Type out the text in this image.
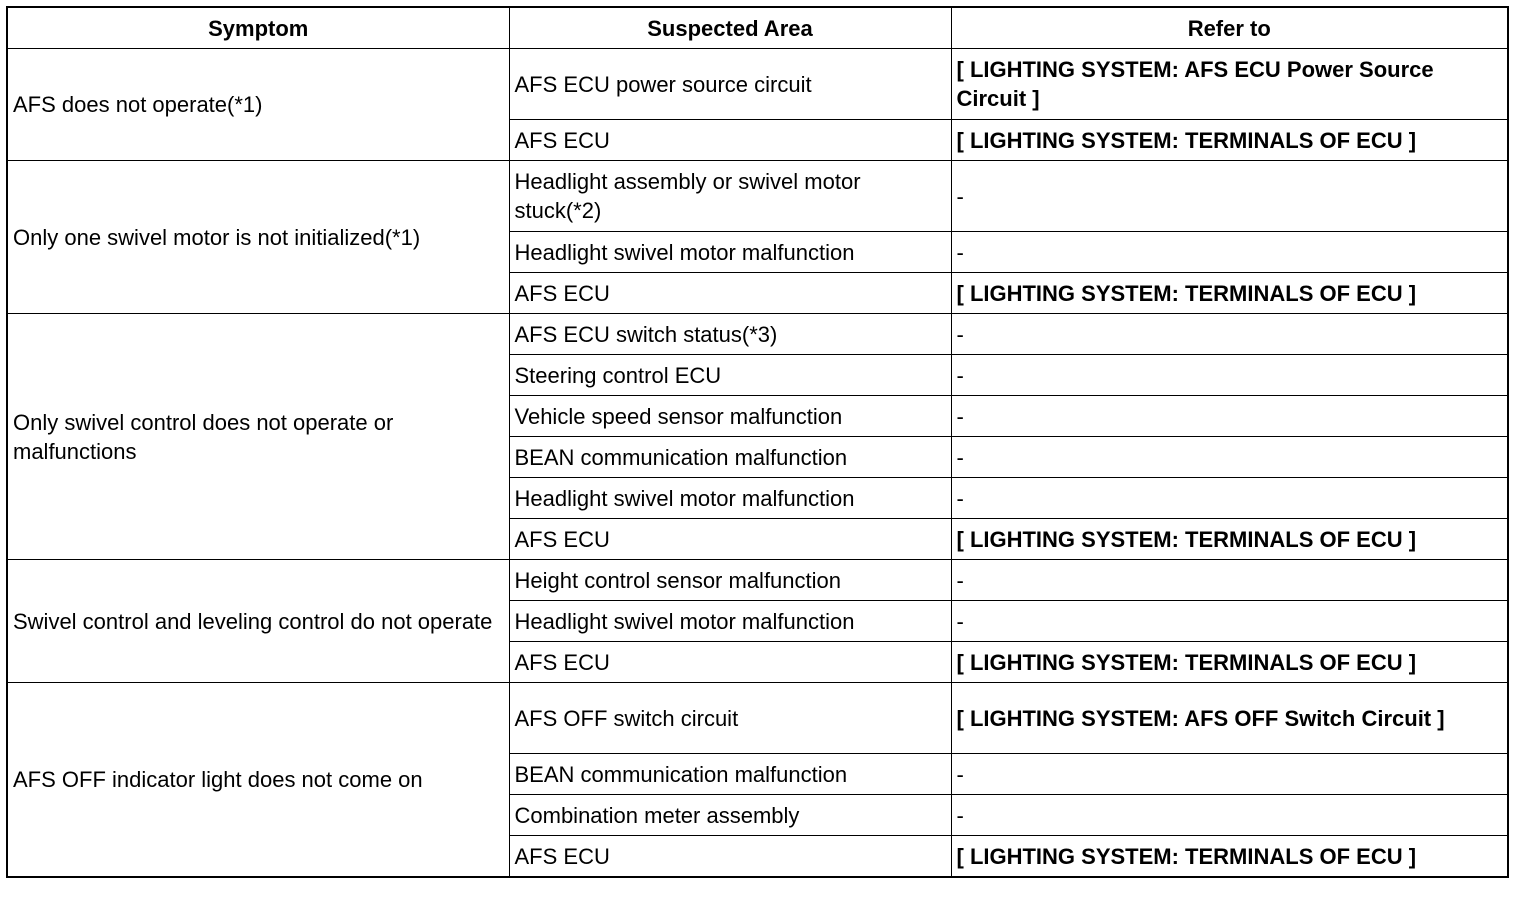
Symptom	Suspected Area	Refer to
AFS does not operate(*1)	AFS ECU power source circuit	[ LIGHTING SYSTEM: AFS ECU Power Source Circuit ]
	AFS ECU	[ LIGHTING SYSTEM: TERMINALS OF ECU ]
Only one swivel motor is not initialized(*1)	Headlight assembly or swivel motor stuck(*2)	-
	Headlight swivel motor malfunction	-
	AFS ECU	[ LIGHTING SYSTEM: TERMINALS OF ECU ]
Only swivel control does not operate or malfunctions	AFS ECU switch status(*3)	-
	Steering control ECU	-
	Vehicle speed sensor malfunction	-
	BEAN communication malfunction	-
	Headlight swivel motor malfunction	-
	AFS ECU	[ LIGHTING SYSTEM: TERMINALS OF ECU ]
Swivel control and leveling control do not operate	Height control sensor malfunction	-
	Headlight swivel motor malfunction	-
	AFS ECU	[ LIGHTING SYSTEM: TERMINALS OF ECU ]
AFS OFF indicator light does not come on	AFS OFF switch circuit	[ LIGHTING SYSTEM: AFS OFF Switch Circuit ]
	BEAN communication malfunction	-
	Combination meter assembly	-
	AFS ECU	[ LIGHTING SYSTEM: TERMINALS OF ECU ]
